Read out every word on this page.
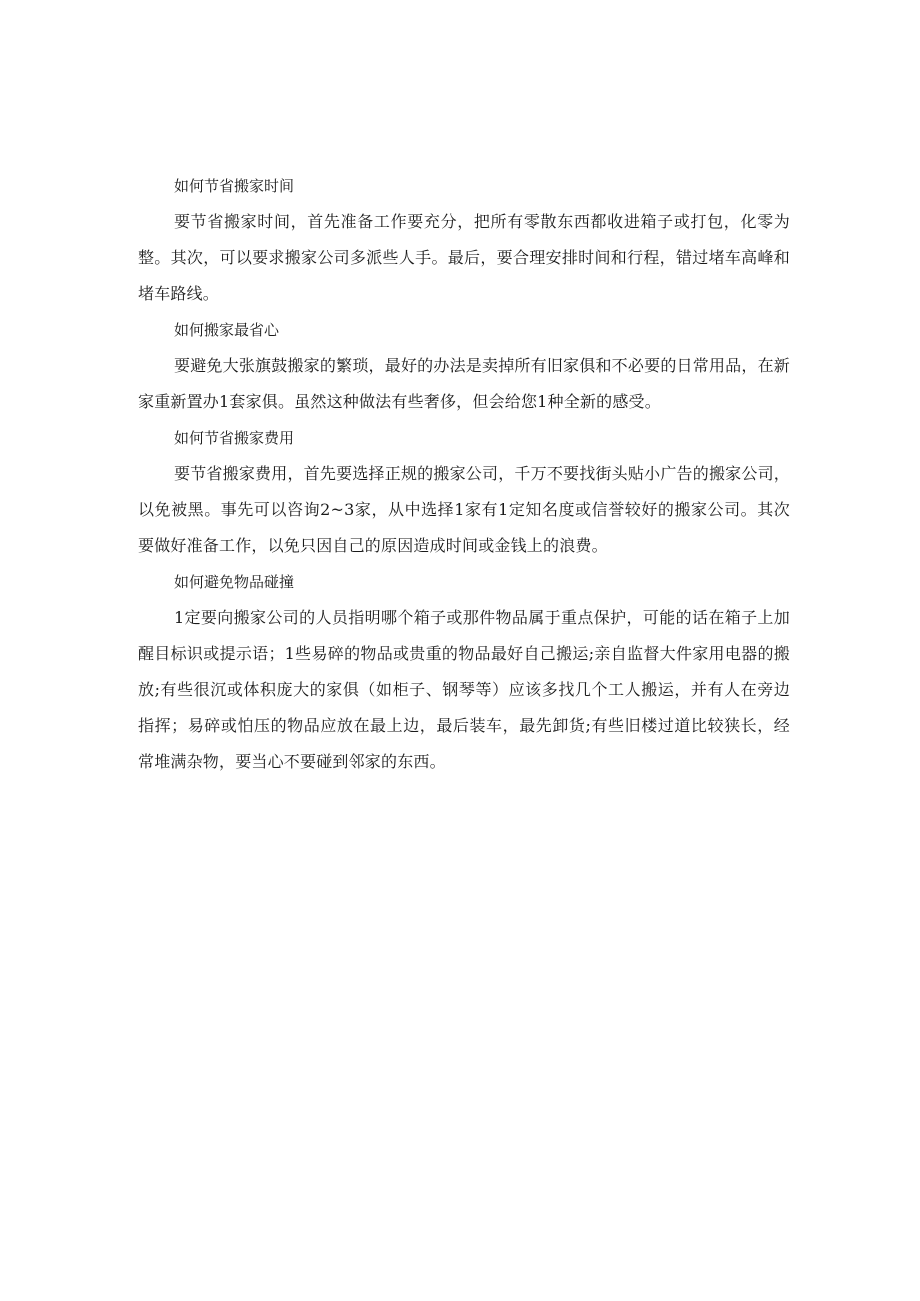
如何节省搬家时间

要节省搬家时间，首先准备工作要充分，把所有零散东西都收进箱子或打包，化零为整。其次，可以要求搬家公司多派些人手。最后，要合理安排时间和行程，错过堵车高峰和堵车路线。

如何搬家最省心

要避免大张旗鼓搬家的繁琐，最好的办法是卖掉所有旧家俱和不必要的日常用品，在新家重新置办1套家俱。虽然这种做法有些奢侈，但会给您1种全新的感受。

如何节省搬家费用

要节省搬家费用，首先要选择正规的搬家公司，千万不要找街头贴小广告的搬家公司，以免被黑。事先可以咨询2~3家，从中选择1家有1定知名度或信誉较好的搬家公司。其次要做好准备工作，以免只因自己的原因造成时间或金钱上的浪费。

如何避免物品碰撞

1定要向搬家公司的人员指明哪个箱子或那件物品属于重点保护，可能的话在箱子上加醒目标识或提示语；1些易碎的物品或贵重的物品最好自己搬运;亲自监督大件家用电器的搬放;有些很沉或体积庞大的家俱（如柜子、钢琴等）应该多找几个工人搬运，并有人在旁边指挥；易碎或怕压的物品应放在最上边，最后装车，最先卸货;有些旧楼过道比较狭长，经常堆满杂物，要当心不要碰到邻家的东西。
